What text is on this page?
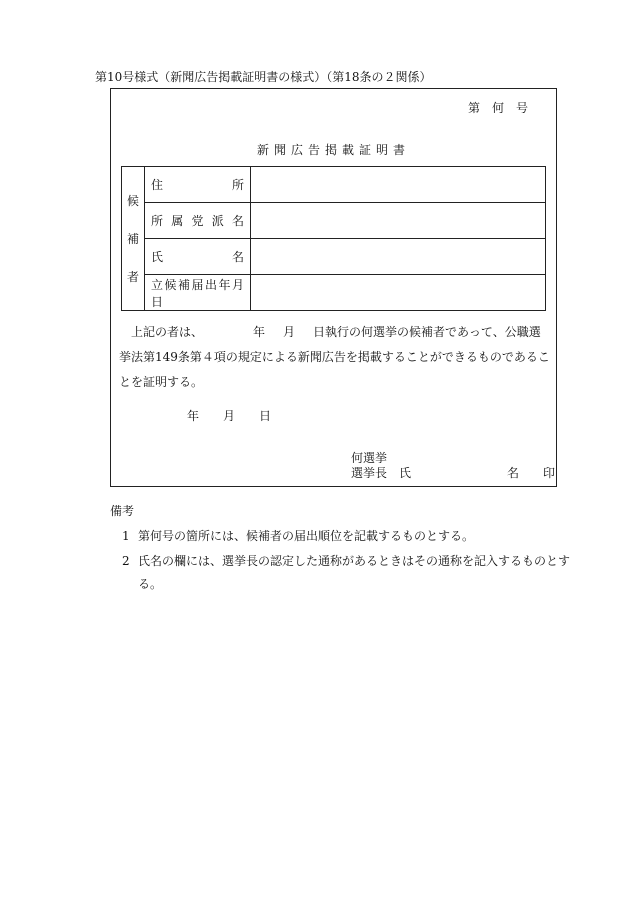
第10号様式（新聞広告掲載証明書の様式）（第18条の２関係）
第何号
新聞広告掲載証明書
候
補
者	住所	

	所属党派名	

	氏名	

	立候補届出年月日	

上記の者は、	年 月 日執行の何選挙の候補者であって、公職選挙法第149条第４項の規定による新聞広告を掲載することができるものであることを証明する。
年 月 日
何選挙
選挙長 氏	名 印
備考
1 第何号の箇所には、候補者の届出順位を記載するものとする。
2 氏名の欄には、選挙長の認定した通称があるときはその通称を記入するものとする。
